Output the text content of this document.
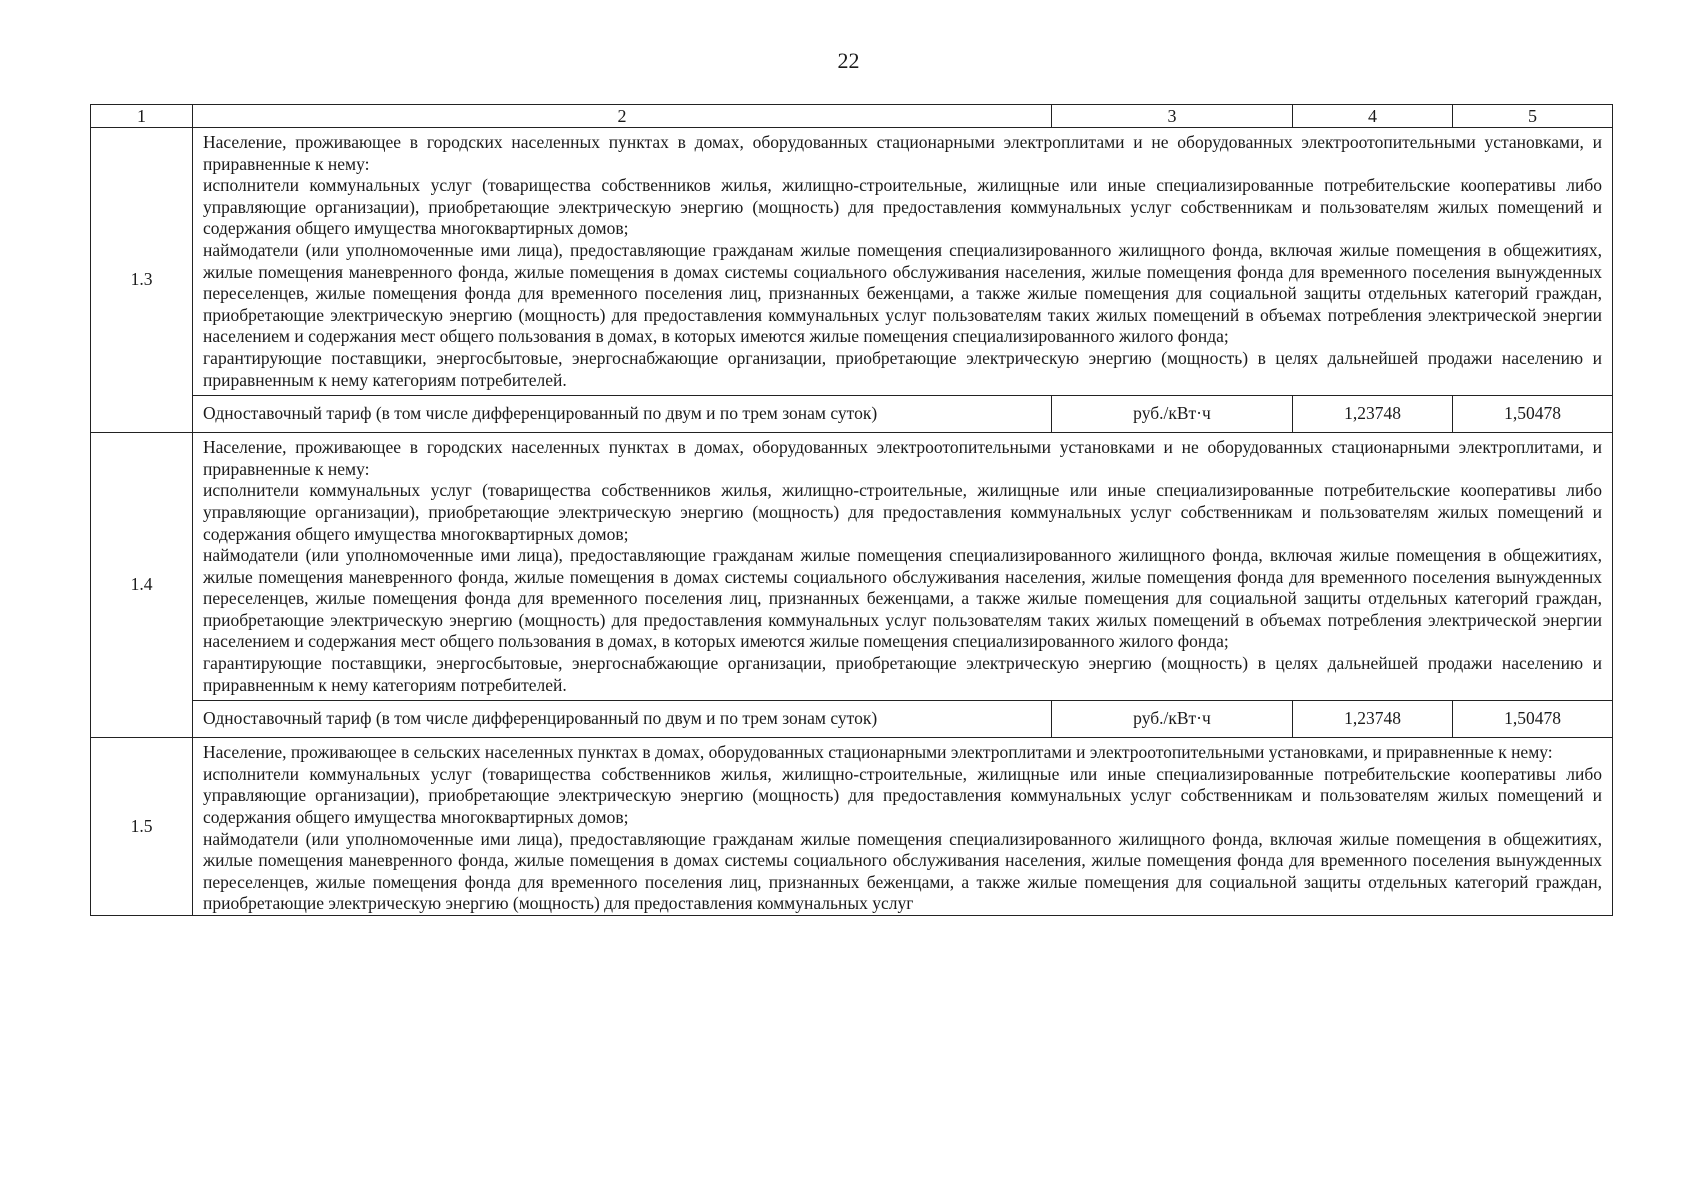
22
1	2	3	4	5
1.3	Население, проживающее в городских населенных пунктах в домах, оборудованных стационарными электроплитами и не оборудованных электроотопительными установками, и приравненные к нему:
исполнители коммунальных услуг (товарищества собственников жилья, жилищно-строительные, жилищные или иные специализированные потребительские кооперативы либо управляющие организации), приобретающие электрическую энергию (мощность) для предоставления коммунальных услуг собственникам и пользователям жилых помещений и содержания общего имущества многоквартирных домов;
наймодатели (или уполномоченные ими лица), предоставляющие гражданам жилые помещения специализированного жилищного фонда, включая жилые помещения в общежитиях, жилые помещения маневренного фонда, жилые помещения в домах системы социального обслуживания населения, жилые помещения фонда для временного поселения вынужденных переселенцев, жилые помещения фонда для временного поселения лиц, признанных беженцами, а также жилые помещения для социальной защиты отдельных категорий граждан, приобретающие электрическую энергию (мощность) для предоставления коммунальных услуг пользователям таких жилых помещений в объемах потребления электрической энергии населением и содержания мест общего пользования в домах, в которых имеются жилые помещения специализированного жилого фонда;
гарантирующие поставщики, энергосбытовые, энергоснабжающие организации, приобретающие электрическую энергию (мощность) в целях дальнейшей продажи населению и приравненным к нему категориям потребителей.			

	Одноставочный тариф (в том числе дифференцированный по двум и по трем зонам суток)	руб./кВт·ч	1,23748	1,50478
1.4	Население, проживающее в городских населенных пунктах в домах, оборудованных электроотопительными установками и не оборудованных стационарными электроплитами, и приравненные к нему:
исполнители коммунальных услуг (товарищества собственников жилья, жилищно-строительные, жилищные или иные специализированные потребительские кооперативы либо управляющие организации), приобретающие электрическую энергию (мощность) для предоставления коммунальных услуг собственникам и пользователям жилых помещений и содержания общего имущества многоквартирных домов;
наймодатели (или уполномоченные ими лица), предоставляющие гражданам жилые помещения специализированного жилищного фонда, включая жилые помещения в общежитиях, жилые помещения маневренного фонда, жилые помещения в домах системы социального обслуживания населения, жилые помещения фонда для временного поселения вынужденных переселенцев, жилые помещения фонда для временного поселения лиц, признанных беженцами, а также жилые помещения для социальной защиты отдельных категорий граждан, приобретающие электрическую энергию (мощность) для предоставления коммунальных услуг пользователям таких жилых помещений в объемах потребления электрической энергии населением и содержания мест общего пользования в домах, в которых имеются жилые помещения специализированного жилого фонда;
гарантирующие поставщики, энергосбытовые, энергоснабжающие организации, приобретающие электрическую энергию (мощность) в целях дальнейшей продажи населению и приравненным к нему категориям потребителей.			

	Одноставочный тариф (в том числе дифференцированный по двум и по трем зонам суток)	руб./кВт·ч	1,23748	1,50478
1.5	Население, проживающее в сельских населенных пунктах в домах, оборудованных стационарными электроплитами и электроотопительными установками, и приравненные к нему:
исполнители коммунальных услуг (товарищества собственников жилья, жилищно-строительные, жилищные или иные специализированные потребительские кооперативы либо управляющие организации), приобретающие электрическую энергию (мощность) для предоставления коммунальных услуг собственникам и пользователям жилых помещений и содержания общего имущества многоквартирных домов;
наймодатели (или уполномоченные ими лица), предоставляющие гражданам жилые помещения специализированного жилищного фонда, включая жилые помещения в общежитиях, жилые помещения маневренного фонда, жилые помещения в домах системы социального обслуживания населения, жилые помещения фонда для временного поселения вынужденных переселенцев, жилые помещения фонда для временного поселения лиц, признанных беженцами, а также жилые помещения для социальной защиты отдельных категорий граждан, приобретающие электрическую энергию (мощность) для предоставления коммунальных услуг			
